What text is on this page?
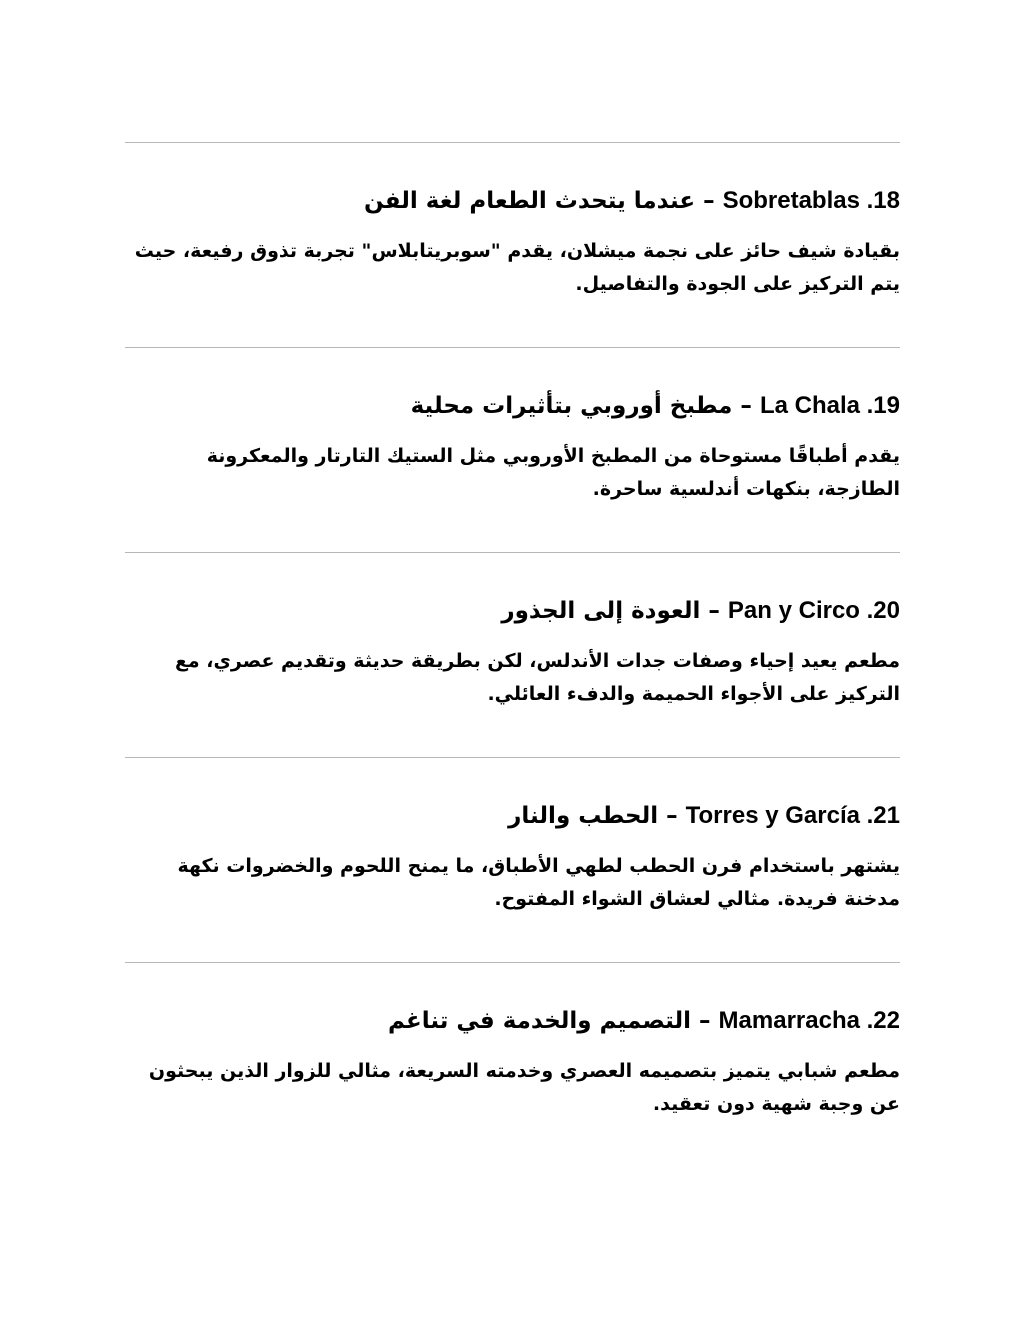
Sobretablas .18 – عندما يتحدث الطعام لغة الفن

بقيادة شيف حائز على نجمة ميشلان، يقدم "سوبريتابلاس" تجربة تذوق رفيعة، حيث يتم التركيز على الجودة والتفاصيل.

La Chala .19 – مطبخ أوروبي بتأثيرات محلية

يقدم أطباقًا مستوحاة من المطبخ الأوروبي مثل الستيك التارتار والمعكرونة الطازجة، بنكهات أندلسية ساحرة.

Pan y Circo .20 – العودة إلى الجذور

مطعم يعيد إحياء وصفات جدات الأندلس، لكن بطريقة حديثة وتقديم عصري، مع التركيز على الأجواء الحميمة والدفء العائلي.

Torres y García .21 – الحطب والنار

يشتهر باستخدام فرن الحطب لطهي الأطباق، ما يمنح اللحوم والخضروات نكهة مدخنة فريدة. مثالي لعشاق الشواء المفتوح.

Mamarracha .22 – التصميم والخدمة في تناغم

مطعم شبابي يتميز بتصميمه العصري وخدمته السريعة، مثالي للزوار الذين يبحثون عن وجبة شهية دون تعقيد.
